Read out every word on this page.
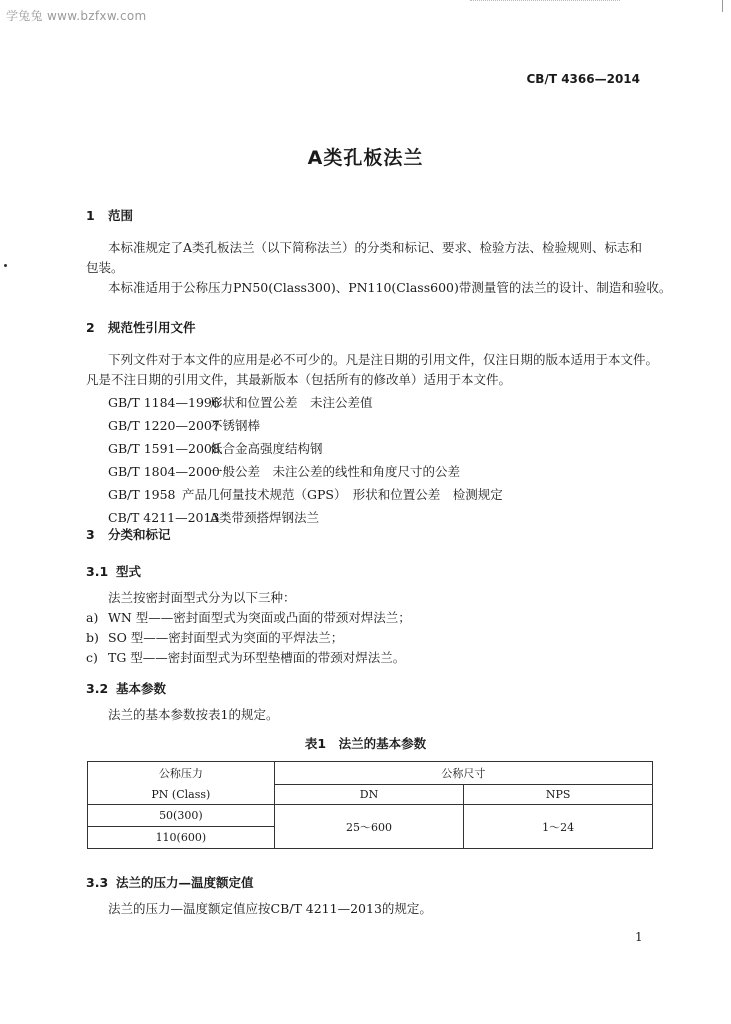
学兔兔 www.bzfxw.com
CB/T 4366—2014
A类孔板法兰
1 范围
本标准规定了A类孔板法兰（以下简称法兰）的分类和标记、要求、检验方法、检验规则、标志和
包装。
本标准适用于公称压力PN50(Class300)、PN110(Class600)带测量管的法兰的设计、制造和验收。
2 规范性引用文件
下列文件对于本文件的应用是必不可少的。凡是注日期的引用文件，仅注日期的版本适用于本文件。
凡是不注日期的引用文件，其最新版本（包括所有的修改单）适用于本文件。
GB/T 1184—1996形状和位置公差　未注公差值
GB/T 1220—2007不锈钢棒
GB/T 1591—2008低合金高强度结构钢
GB/T 1804—2000一般公差　未注公差的线性和角度尺寸的公差
GB/T 1958 产品几何量技术规范（GPS）　形状和位置公差　检测规定
CB/T 4211—2013A类带颈搭焊钢法兰
3 分类和标记
3.1 型式
法兰按密封面型式分为以下三种：
a) WN 型——密封面型式为突面或凸面的带颈对焊法兰；
b) SO 型——密封面型式为突面的平焊法兰；
c) TG 型——密封面型式为环型垫槽面的带颈对焊法兰。
3.2 基本参数
法兰的基本参数按表1的规定。
表1　法兰的基本参数
公称压力	公称尺寸	
PN (Class)	DN	NPS
50(300)	25～600	1～24
110(600)		
3.3 法兰的压力—温度额定值
法兰的压力—温度额定值应按CB/T 4211—2013的规定。
1
